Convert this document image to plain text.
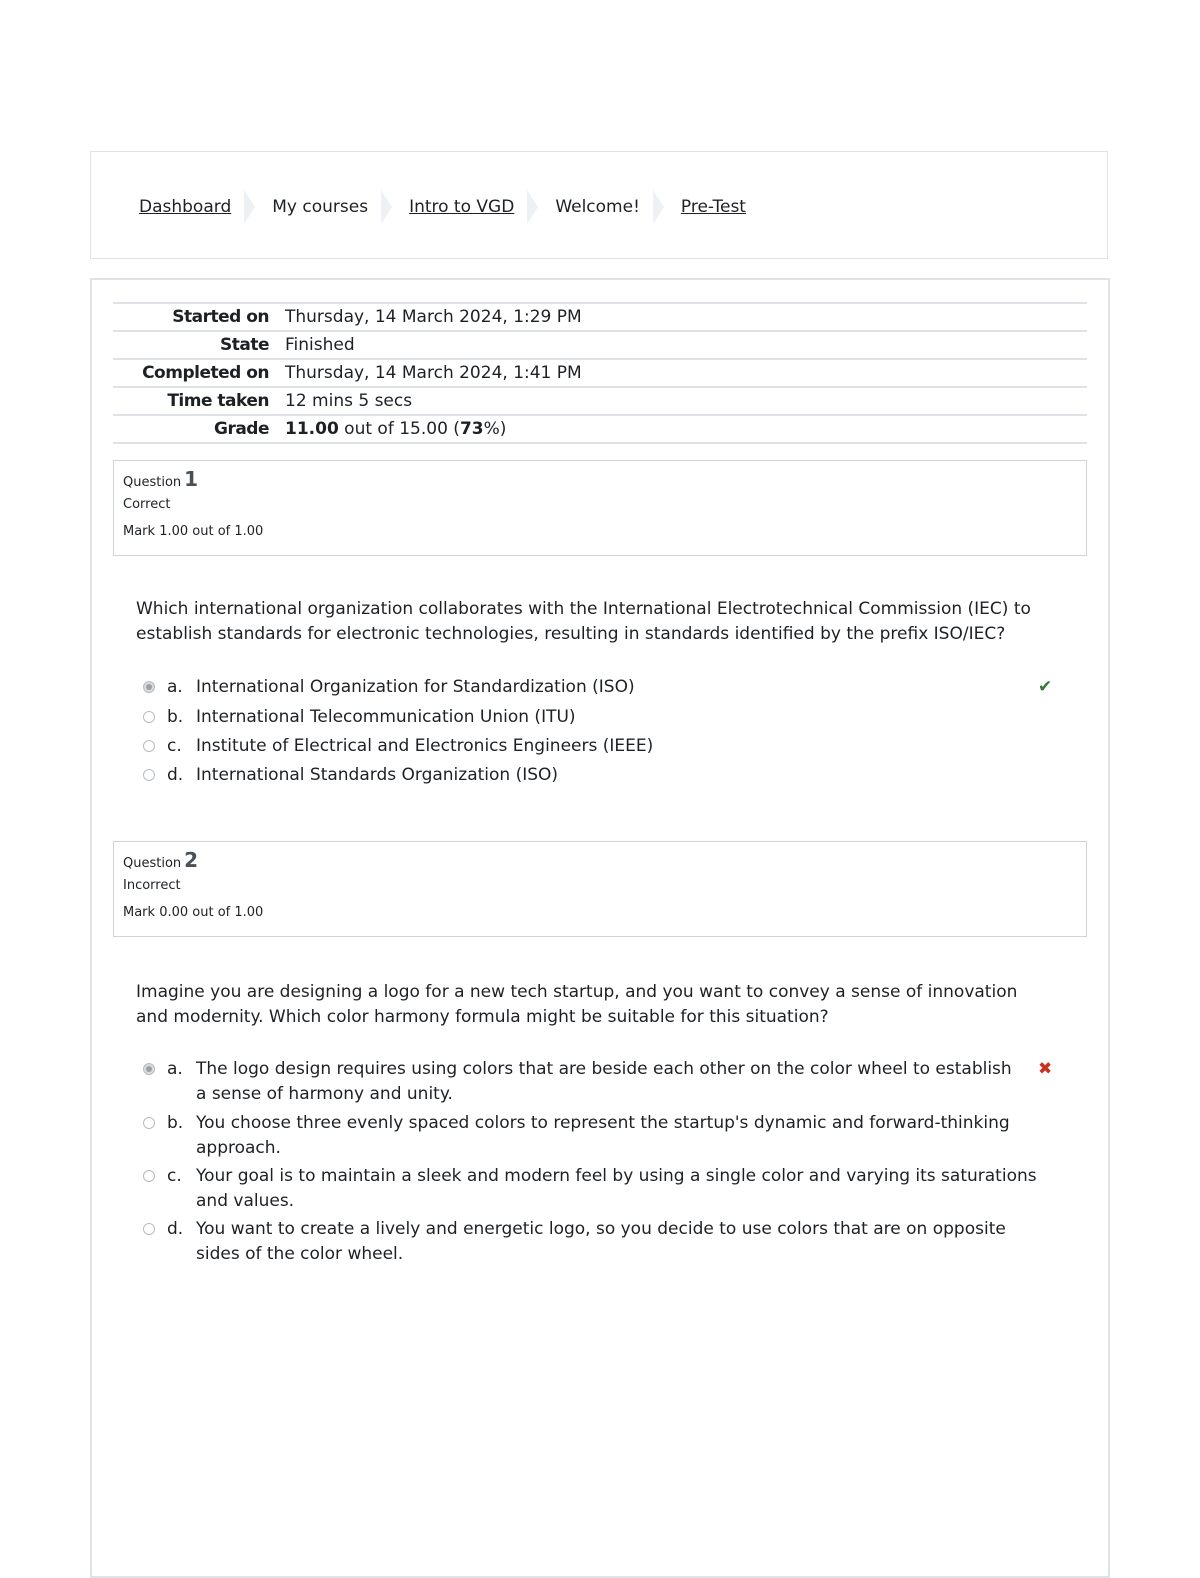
Dashboard My courses Intro to VGD Welcome! Pre-Test
Started on	Thursday, 14 March 2024, 1:29 PM
State	Finished
Completed on	Thursday, 14 March 2024, 1:41 PM
Time taken	12 mins 5 secs
Grade	11.00 out of 15.00 (73%)
Question 1
Correct
Mark 1.00 out of 1.00
Which international organization collaborates with the International Electrotechnical Commission (IEC) to establish standards for electronic technologies, resulting in standards identified by the prefix ISO/IEC?
a. International Organization for Standardization (ISO)	✔
b. International Telecommunication Union (ITU)
c. Institute of Electrical and Electronics Engineers (IEEE)
d. International Standards Organization (ISO)
Question 2
Incorrect
Mark 0.00 out of 1.00
Imagine you are designing a logo for a new tech startup, and you want to convey a sense of innovation and modernity. Which color harmony formula might be suitable for this situation?
a. The logo design requires using colors that are beside each other on the color wheel to establish a sense of harmony and unity.
✖
b. You choose three evenly spaced colors to represent the startup's dynamic and forward-thinking approach.
c. Your goal is to maintain a sleek and modern feel by using a single color and varying its saturations and values.
d. You want to create a lively and energetic logo, so you decide to use colors that are on opposite sides of the color wheel.
